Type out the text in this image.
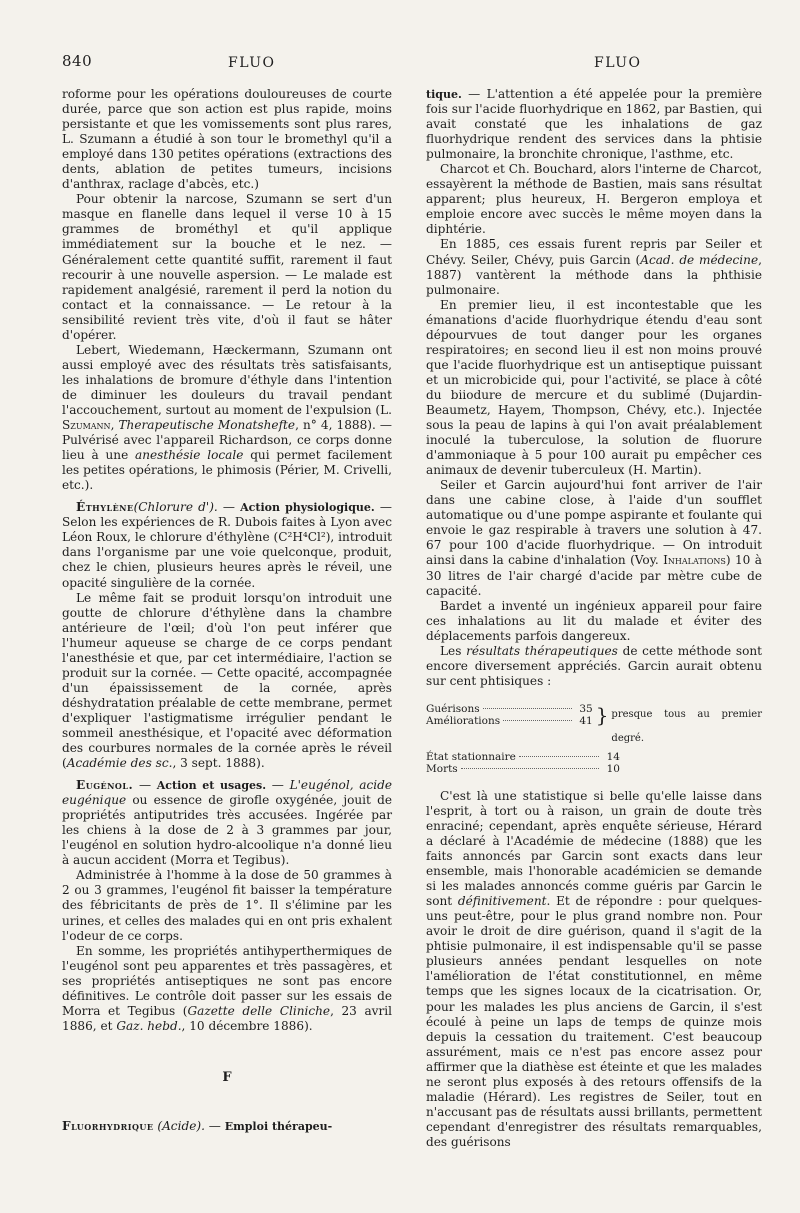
840	FLUO	FLUO

roforme pour les opérations douloureuses de courte durée, parce que son action est plus rapide, moins persistante et que les vomissements sont plus rares, L. Szumann a étudié à son tour le bromethyl qu'il a employé dans 130 petites opérations (extractions des dents, ablation de petites tumeurs, incisions d'anthrax, raclage d'abcès, etc.)

Pour obtenir la narcose, Szumann se sert d'un masque en flanelle dans lequel il verse 10 à 15 grammes de brométhyl et qu'il applique immédiatement sur la bouche et le nez. — Généralement cette quantité suffit, rarement il faut recourir à une nouvelle aspersion. — Le malade est rapidement analgésié, rarement il perd la notion du contact et la connaissance. — Le retour à la sensibilité revient très vite, d'où il faut se hâter d'opérer.

Lebert, Wiedemann, Hæckermann, Szumann ont aussi employé avec des résultats très satisfaisants, les inhalations de bromure d'éthyle dans l'intention de diminuer les douleurs du travail pendant l'accouchement, surtout au moment de l'expulsion (L. Szumann, Therapeutische Monatshefte, n° 4, 1888). — Pulvérisé avec l'appareil Richardson, ce corps donne lieu à une anesthésie locale qui permet facilement les petites opérations, le phimosis (Périer, M. Crivelli, etc.).

Éthylène(Chlorure d'). — Action physiologique. — Selon les expériences de R. Dubois faites à Lyon avec Léon Roux, le chlorure d'éthylène (C²H⁴Cl²), introduit dans l'organisme par une voie quelconque, produit, chez le chien, plusieurs heures après le réveil, une opacité singulière de la cornée.

Le même fait se produit lorsqu'on introduit une goutte de chlorure d'éthylène dans la chambre antérieure de l'œil; d'où l'on peut inférer que l'humeur aqueuse se charge de ce corps pendant l'anesthésie et que, par cet intermédiaire, l'action se produit sur la cornée. — Cette opacité, accompagnée d'un épaississement de la cornée, après déshydratation préalable de cette membrane, permet d'expliquer l'astigmatisme irrégulier pendant le sommeil anesthésique, et l'opacité avec déformation des courbures normales de la cornée après le réveil (Académie des sc., 3 sept. 1888).

Eugénol. — Action et usages. — L'eugénol, acide eugénique ou essence de girofle oxygénée, jouit de propriétés antiputrides très accusées. Ingérée par les chiens à la dose de 2 à 3 grammes par jour, l'eugénol en solution hydro-alcoolique n'a donné lieu à aucun accident (Morra et Tegibus).

Administrée à l'homme à la dose de 50 grammes à 2 ou 3 grammes, l'eugénol fit baisser la température des fébricitants de près de 1°. Il s'élimine par les urines, et celles des malades qui en ont pris exhalent l'odeur de ce corps.

En somme, les propriétés antihyperthermiques de l'eugénol sont peu apparentes et très passagères, et ses propriétés antiseptiques ne sont pas encore définitives. Le contrôle doit passer sur les essais de Morra et Tegibus (Gazette delle Cliniche, 23 avril 1886, et Gaz. hebd., 10 décembre 1886).

F

Fluorhydrique (Acide). — Emploi thérapeu-

tique. — L'attention a été appelée pour la première fois sur l'acide fluorhydrique en 1862, par Bastien, qui avait constaté que les inhalations de gaz fluorhydrique rendent des services dans la phtisie pulmonaire, la bronchite chronique, l'asthme, etc.

Charcot et Ch. Bouchard, alors l'interne de Charcot, essayèrent la méthode de Bastien, mais sans résultat apparent; plus heureux, H. Bergeron employa et emploie encore avec succès le même moyen dans la diphtérie.

En 1885, ces essais furent repris par Seiler et Chévy. Seiler, Chévy, puis Garcin (Acad. de médecine, 1887) vantèrent la méthode dans la phthisie pulmonaire.

En premier lieu, il est incontestable que les émanations d'acide fluorhydrique étendu d'eau sont dépourvues de tout danger pour les organes respiratoires; en second lieu il est non moins prouvé que l'acide fluorhydrique est un antiseptique puissant et un microbicide qui, pour l'activité, se place à côté du biiodure de mercure et du sublimé (Dujardin-Beaumetz, Hayem, Thompson, Chévy, etc.). Injectée sous la peau de lapins à qui l'on avait préalablement inoculé la tuberculose, la solution de fluorure d'ammoniaque à 5 pour 100 aurait pu empêcher ces animaux de devenir tuberculeux (H. Martin).

Seiler et Garcin aujourd'hui font arriver de l'air dans une cabine close, à l'aide d'un soufflet automatique ou d'une pompe aspirante et foulante qui envoie le gaz respirable à travers une solution à 47. 67 pour 100 d'acide fluorhydrique. — On introduit ainsi dans la cabine d'inhalation (Voy. Inhalations) 10 à 30 litres de l'air chargé d'acide par mètre cube de capacité.

Bardet a inventé un ingénieux appareil pour faire ces inhalations au lit du malade et éviter des déplacements parfois dangereux.

Les résultats thérapeutiques de cette méthode sont encore diversement appréciés. Garcin aurait obtenu sur cent phtisiques :

Guérisons	35
Améliorations	41 } presque tous au premier degré.
État stationnaire	14
Morts	10

C'est là une statistique si belle qu'elle laisse dans l'esprit, à tort ou à raison, un grain de doute très enraciné; cependant, après enquête sérieuse, Hérard a déclaré à l'Académie de médecine (1888) que les faits annoncés par Garcin sont exacts dans leur ensemble, mais l'honorable académicien se demande si les malades annoncés comme guéris par Garcin le sont définitivement. Et de répondre : pour quelques-uns peut-être, pour le plus grand nombre non. Pour avoir le droit de dire guérison, quand il s'agit de la phtisie pulmonaire, il est indispensable qu'il se passe plusieurs années pendant lesquelles on note l'amélioration de l'état constitutionnel, en même temps que les signes locaux de la cicatrisation. Or, pour les malades les plus anciens de Garcin, il s'est écoulé à peine un laps de temps de quinze mois depuis la cessation du traitement. C'est beaucoup assurément, mais ce n'est pas encore assez pour affirmer que la diathèse est éteinte et que les malades ne seront plus exposés à des retours offensifs de la maladie (Hérard). Les registres de Seiler, tout en n'accusant pas de résultats aussi brillants, permettent cependant d'enregistrer des résultats remarquables, des guérisons
